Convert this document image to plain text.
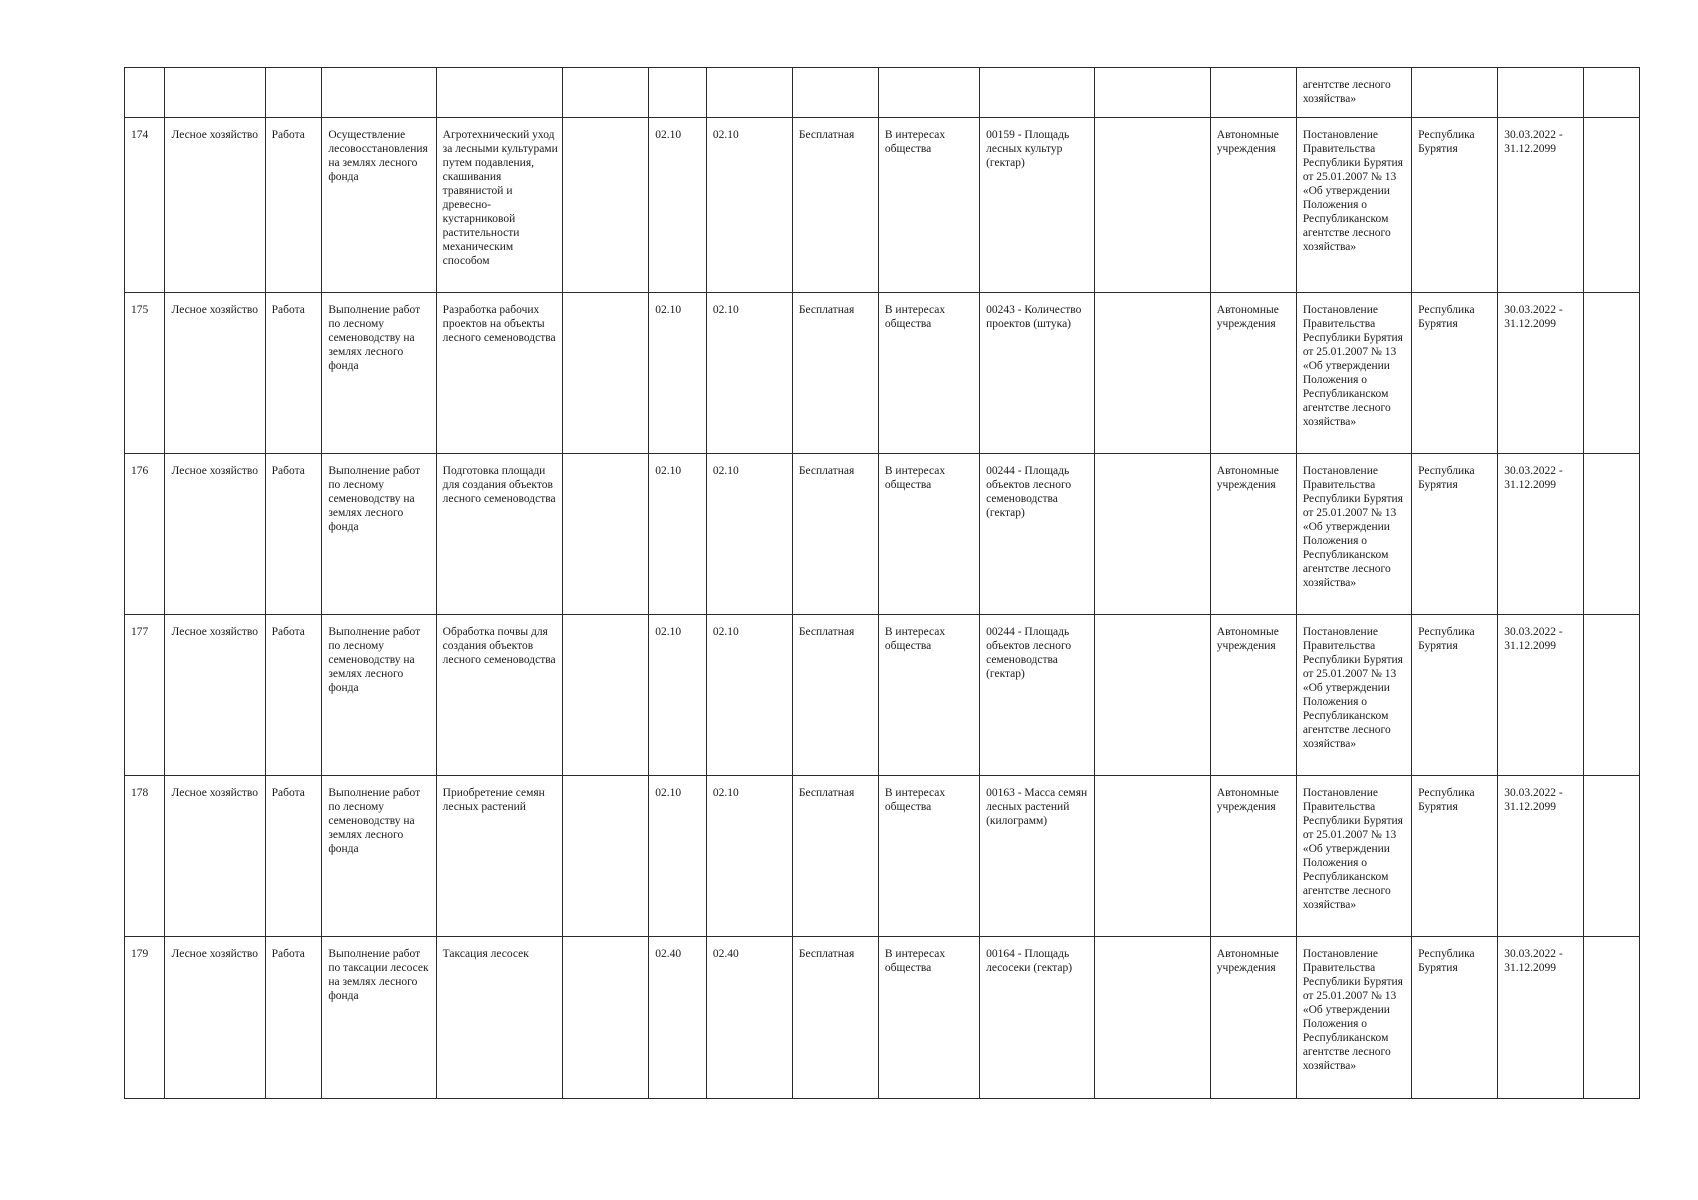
													агентстве лесного хозяйства»			
174	Лесное хозяйство	Работа	Осуществление лесовосстановления на землях лесного фонда	Агротехнический уход за лесными культурами путем подавления, скашивания травянистой и древесно-кустарниковой растительности механическим способом		02.10	02.10	Бесплатная	В интересах общества	00159 - Площадь лесных культур (гектар)		Автономные учреждения	Постановление Правительства Республики Бурятия от 25.01.2007 № 13 «Об утверждении Положения о Республиканском агентстве лесного хозяйства»	Республика Бурятия	30.03.2022 - 31.12.2099	
175	Лесное хозяйство	Работа	Выполнение работ по лесному семеноводству на землях лесного фонда	Разработка рабочих проектов на объекты лесного семеноводства		02.10	02.10	Бесплатная	В интересах общества	00243 - Количество проектов (штука)		Автономные учреждения	Постановление Правительства Республики Бурятия от 25.01.2007 № 13 «Об утверждении Положения о Республиканском агентстве лесного хозяйства»	Республика Бурятия	30.03.2022 - 31.12.2099	
176	Лесное хозяйство	Работа	Выполнение работ по лесному семеноводству на землях лесного фонда	Подготовка площади для создания объектов лесного семеноводства		02.10	02.10	Бесплатная	В интересах общества	00244 - Площадь объектов лесного семеноводства (гектар)		Автономные учреждения	Постановление Правительства Республики Бурятия от 25.01.2007 № 13 «Об утверждении Положения о Республиканском агентстве лесного хозяйства»	Республика Бурятия	30.03.2022 - 31.12.2099	
177	Лесное хозяйство	Работа	Выполнение работ по лесному семеноводству на землях лесного фонда	Обработка почвы для создания объектов лесного семеноводства		02.10	02.10	Бесплатная	В интересах общества	00244 - Площадь объектов лесного семеноводства (гектар)		Автономные учреждения	Постановление Правительства Республики Бурятия от 25.01.2007 № 13 «Об утверждении Положения о Республиканском агентстве лесного хозяйства»	Республика Бурятия	30.03.2022 - 31.12.2099	
178	Лесное хозяйство	Работа	Выполнение работ по лесному семеноводству на землях лесного фонда	Приобретение семян лесных растений		02.10	02.10	Бесплатная	В интересах общества	00163 - Масса семян лесных растений (килограмм)		Автономные учреждения	Постановление Правительства Республики Бурятия от 25.01.2007 № 13 «Об утверждении Положения о Республиканском агентстве лесного хозяйства»	Республика Бурятия	30.03.2022 - 31.12.2099	
179	Лесное хозяйство	Работа	Выполнение работ по таксации лесосек на землях лесного фонда	Таксация лесосек		02.40	02.40	Бесплатная	В интересах общества	00164 - Площадь лесосеки (гектар)		Автономные учреждения	Постановление Правительства Республики Бурятия от 25.01.2007 № 13 «Об утверждении Положения о Республиканском агентстве лесного хозяйства»	Республика Бурятия	30.03.2022 - 31.12.2099	
